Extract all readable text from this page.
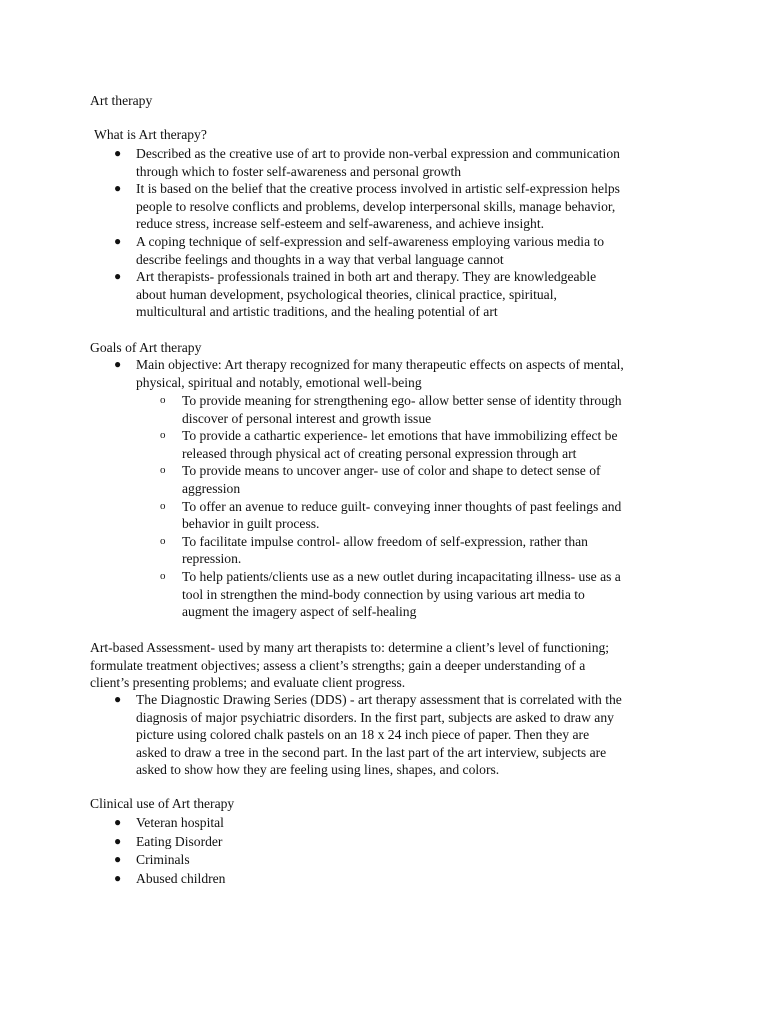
Art therapy
What is Art therapy?
● Described as the creative use of art to provide non-verbal expression and communication
through which to foster self-awareness and personal growth
● It is based on the belief that the creative process involved in artistic self-expression helps
people to resolve conflicts and problems, develop interpersonal skills, manage behavior,
reduce stress, increase self-esteem and self-awareness, and achieve insight.
● A coping technique of self-expression and self-awareness employing various media to
describe feelings and thoughts in a way that verbal language cannot
● Art therapists- professionals trained in both art and therapy. They are knowledgeable
about human development, psychological theories, clinical practice, spiritual,
multicultural and artistic traditions, and the healing potential of art
Goals of Art therapy
● Main objective: Art therapy recognized for many therapeutic effects on aspects of mental,
physical, spiritual and notably, emotional well-being
o To provide meaning for strengthening ego- allow better sense of identity through
discover of personal interest and growth issue
o To provide a cathartic experience- let emotions that have immobilizing effect be
released through physical act of creating personal expression through art
o To provide means to uncover anger- use of color and shape to detect sense of
aggression
o To offer an avenue to reduce guilt- conveying inner thoughts of past feelings and
behavior in guilt process.
o To facilitate impulse control- allow freedom of self-expression, rather than
repression.
o To help patients/clients use as a new outlet during incapacitating illness- use as a
tool in strengthen the mind-body connection by using various art media to
augment the imagery aspect of self-healing
Art-based Assessment- used by many art therapists to: determine a client’s level of functioning;
formulate treatment objectives; assess a client’s strengths; gain a deeper understanding of a
client’s presenting problems; and evaluate client progress.
● The Diagnostic Drawing Series (DDS) - art therapy assessment that is correlated with the
diagnosis of major psychiatric disorders. In the first part, subjects are asked to draw any
picture using colored chalk pastels on an 18 x 24 inch piece of paper. Then they are
asked to draw a tree in the second part. In the last part of the art interview, subjects are
asked to show how they are feeling using lines, shapes, and colors.
Clinical use of Art therapy
● Veteran hospital
● Eating Disorder
● Criminals
● Abused children
